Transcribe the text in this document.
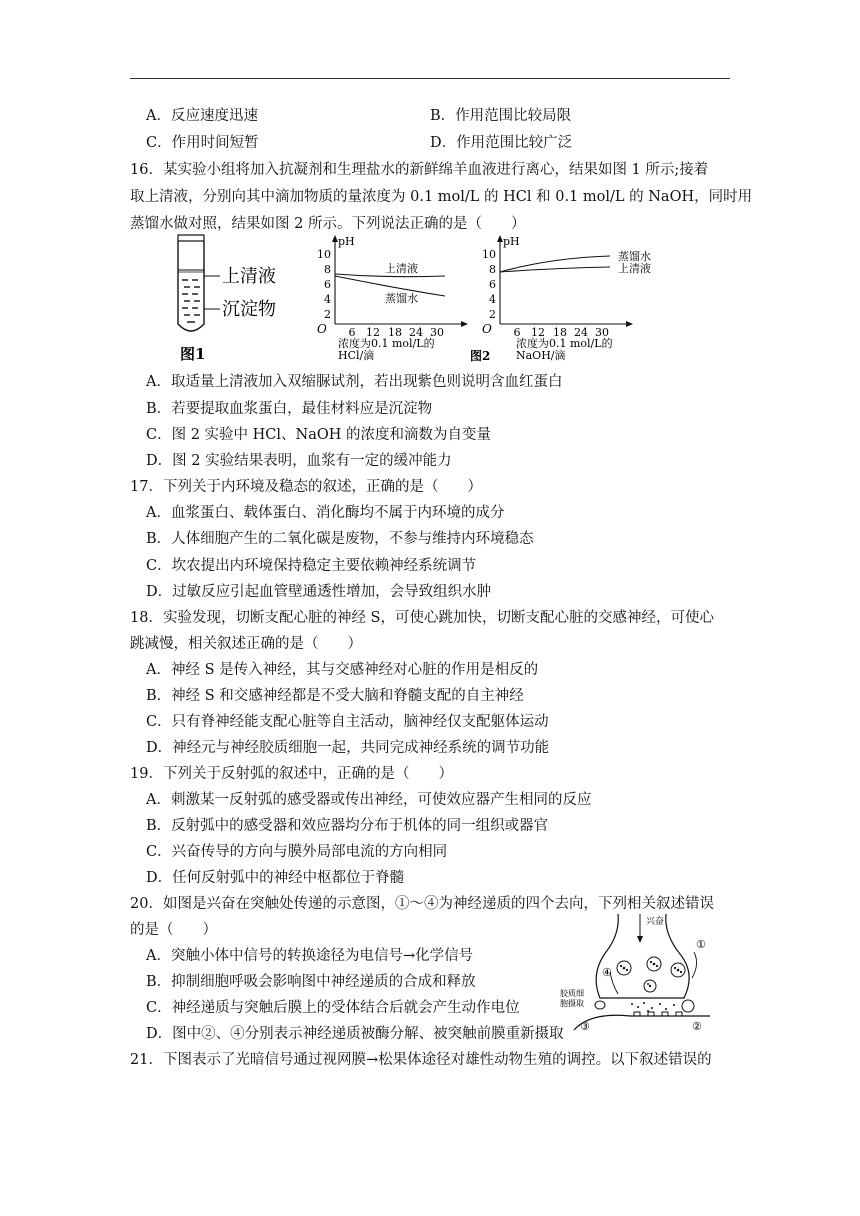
A．反应速度迅速	B．作用范围比较局限
C．作用时间短暂	D．作用范围比较广泛
16．某实验小组将加入抗凝剂和生理盐水的新鲜绵羊血液进行离心，结果如图 1 所示;接着
取上清液，分别向其中滴加物质的量浓度为 0.1 mol/L 的 HCl 和 0.1 mol/L 的 NaOH，同时用
蒸馏水做对照，结果如图 2 所示。下列说法正确的是（　　）
上清液
沉淀物
图1
pH
10
8
6
4
2
O 6 12 18 24 30
上清液
蒸馏水
浓度为0.1 mol/L的
HCl/滴
pH
10
8
6
4
2
O 6 12 18 24 30
蒸馏水
上清液
浓度为0.1 mol/L的
NaOH/滴
图2
A．取适量上清液加入双缩脲试剂，若出现紫色则说明含血红蛋白
B．若要提取血浆蛋白，最佳材料应是沉淀物
C．图 2 实验中 HCl、NaOH 的浓度和滴数为自变量
D．图 2 实验结果表明，血浆有一定的缓冲能力
17．下列关于内环境及稳态的叙述，正确的是（　　）
A．血浆蛋白、载体蛋白、消化酶均不属于内环境的成分
B．人体细胞产生的二氧化碳是废物，不参与维持内环境稳态
C．坎农提出内环境保持稳定主要依赖神经系统调节
D．过敏反应引起血管壁通透性增加，会导致组织水肿
18．实验发现，切断支配心脏的神经 S，可使心跳加快，切断支配心脏的交感神经，可使心
跳减慢，相关叙述正确的是（　　）
A．神经 S 是传入神经，其与交感神经对心脏的作用是相反的
B．神经 S 和交感神经都是不受大脑和脊髓支配的自主神经
C．只有脊神经能支配心脏等自主活动，脑神经仅支配躯体运动
D．神经元与神经胶质细胞一起，共同完成神经系统的调节功能
19．下列关于反射弧的叙述中，正确的是（　　）
A．刺激某一反射弧的感受器或传出神经，可使效应器产生相同的反应
B．反射弧中的感受器和效应器均分布于机体的同一组织或器官
C．兴奋传导的方向与膜外局部电流的方向相同
D．任何反射弧中的神经中枢都位于脊髓
20．如图是兴奋在突触处传递的示意图，①～④为神经递质的四个去向，下列相关叙述错误
的是（　　）
A．突触小体中信号的转换途径为电信号→化学信号
B．抑制细胞呼吸会影响图中神经递质的合成和释放
C．神经递质与突触后膜上的受体结合后就会产生动作电位
D．图中②、④分别表示神经递质被酶分解、被突触前膜重新摄取
兴奋
胶质细
胞摄取
①
②
③
④
21．下图表示了光暗信号通过视网膜→松果体途径对雄性动物生殖的调控。以下叙述错误的
